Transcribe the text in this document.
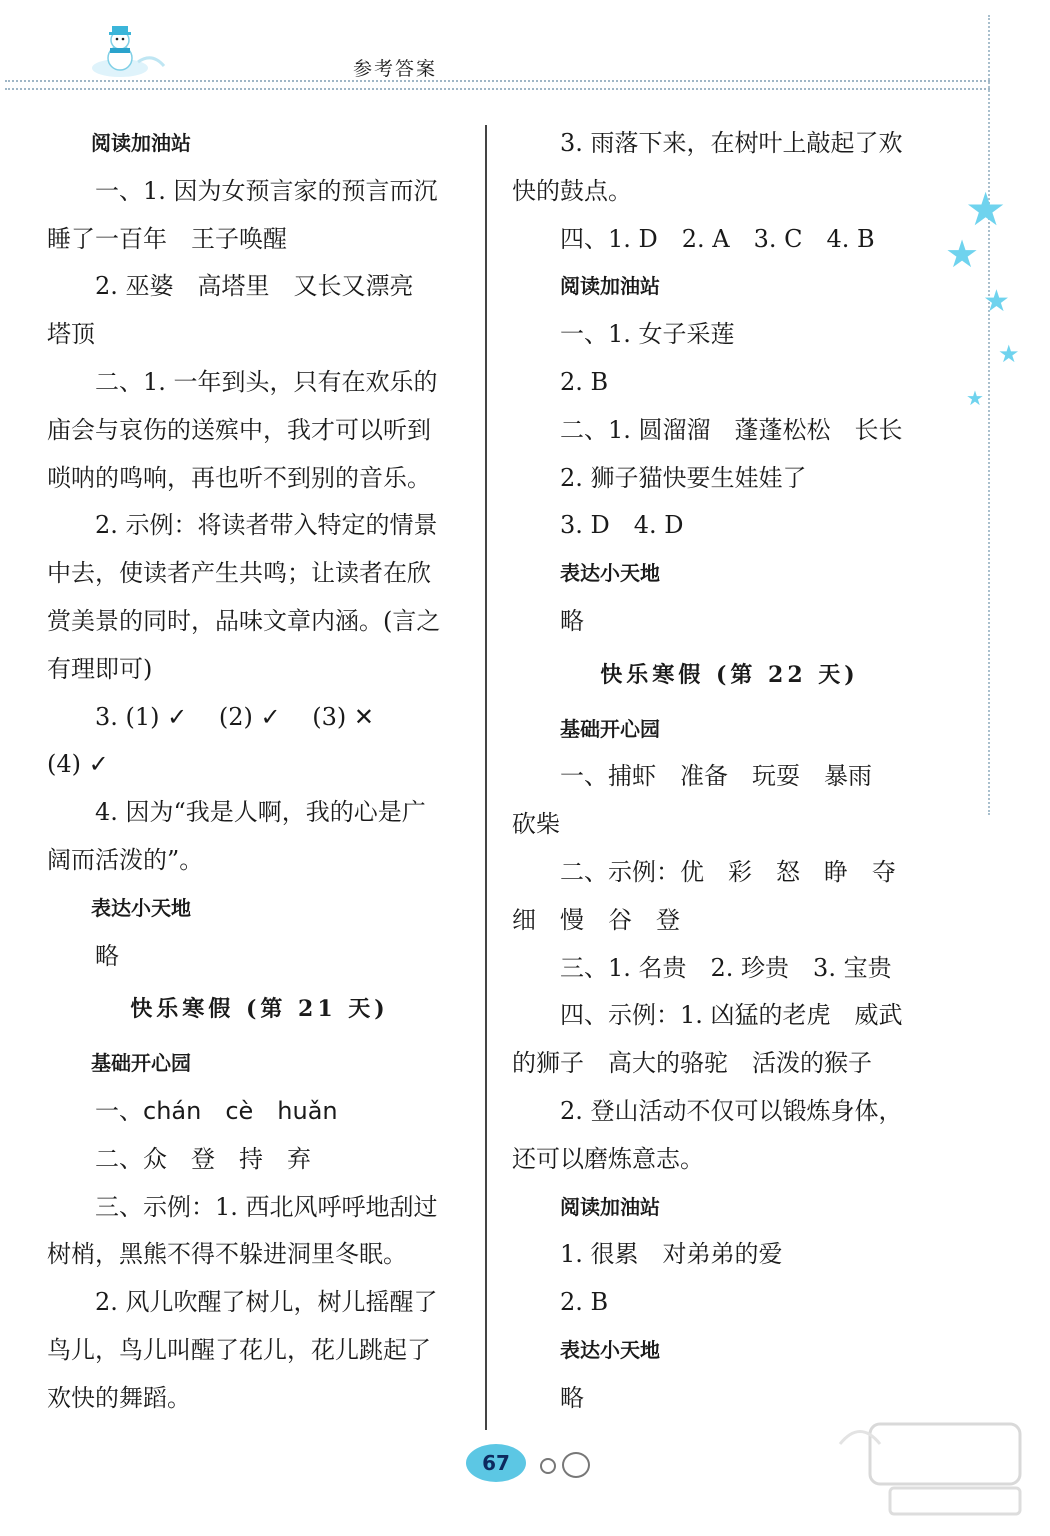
参考答案
★
★
★
★
★

阅读加油站

一、1. 因为女预言家的预言而沉

睡了一百年　王子唤醒

2. 巫婆　高塔里　又长又漂亮

塔顶

二、1. 一年到头，只有在欢乐的

庙会与哀伤的送殡中，我才可以听到

唢呐的鸣响，再也听不到别的音乐。

2. 示例：将读者带入特定的情景

中去，使读者产生共鸣；让读者在欣

赏美景的同时，品味文章内涵。(言之

有理即可)

3. (1) ✓　 (2) ✓　 (3) ✕

(4) ✓

4. 因为“我是人啊，我的心是广

阔而活泼的”。

表达小天地

略

快乐寒假 (第 21 天)

基础开心园

一、chán　cè　huǎn

二、众　登　持　弃

三、示例：1. 西北风呼呼地刮过

树梢，黑熊不得不躲进洞里冬眠。

2. 风儿吹醒了树儿，树儿摇醒了

鸟儿，鸟儿叫醒了花儿，花儿跳起了

欢快的舞蹈。

3. 雨落下来，在树叶上敲起了欢

快的鼓点。

四、1. D　2. A　3. C　4. B

阅读加油站

一、1. 女子采莲

2. B

二、1. 圆溜溜　蓬蓬松松　长长

2. 狮子猫快要生娃娃了

3. D　4. D

表达小天地

略

快乐寒假 (第 22 天)

基础开心园

一、捕虾　准备　玩耍　暴雨

砍柴

二、示例：优　彩　怒　睁　夺

细　慢　谷　登

三、1. 名贵　2. 珍贵　3. 宝贵

四、示例：1. 凶猛的老虎　威武

的狮子　高大的骆驼　活泼的猴子

2. 登山活动不仅可以锻炼身体，

还可以磨炼意志。

阅读加油站

1. 很累　对弟弟的爱

2. B

表达小天地

略

67
